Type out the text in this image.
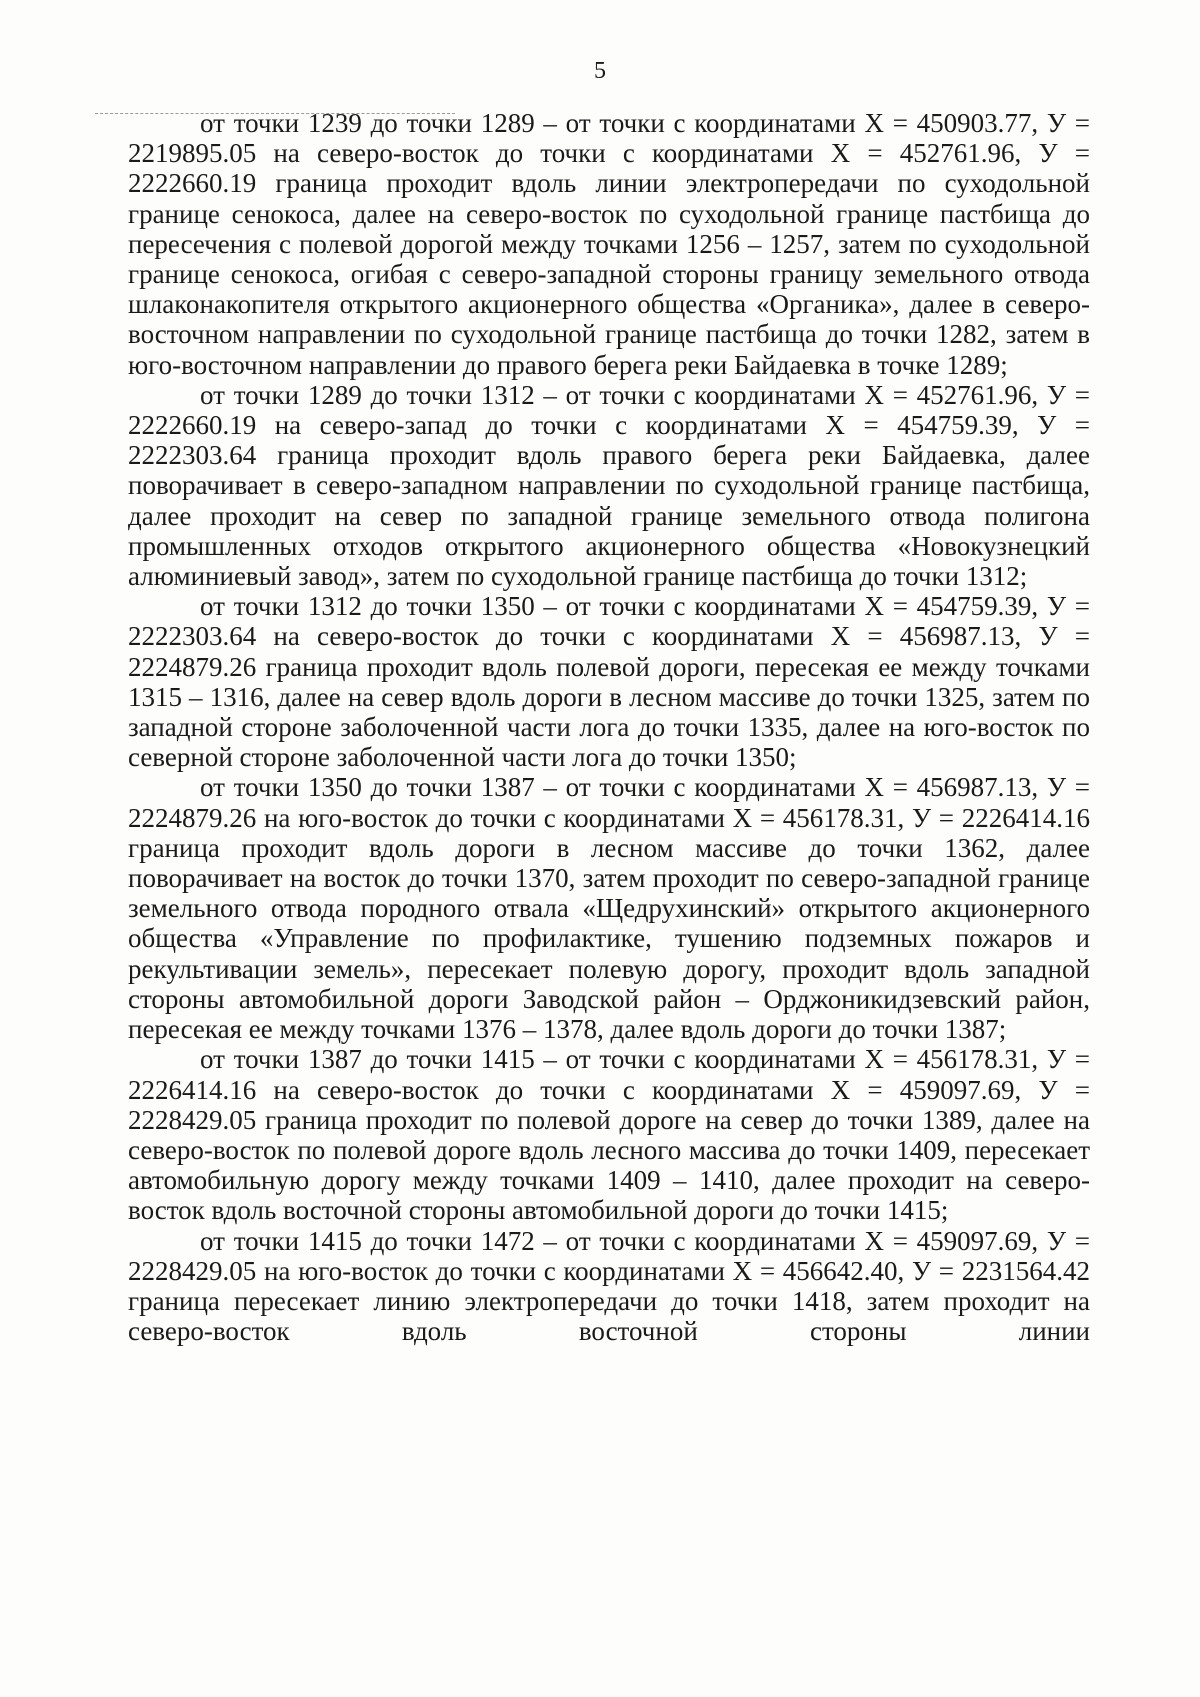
5

от точки 1239 до точки 1289 – от точки с координатами X = 450903.77, У = 2219895.05 на северо-восток до точки с координатами X = 452761.96, У = 2222660.19 граница проходит вдоль линии электропередачи по суходольной границе сенокоса, далее на северо-восток по суходольной границе пастбища до пересечения с полевой дорогой между точками 1256 – 1257, затем по суходольной границе сенокоса, огибая с северо-западной стороны границу земельного отвода шлаконакопителя открытого акционерного общества «Органика», далее в северо-восточном направлении по суходольной границе пастбища до точки 1282, затем в юго-восточном направлении до правого берега реки Байдаевка в точке 1289;

от точки 1289 до точки 1312 – от точки с координатами X = 452761.96, У = 2222660.19 на северо-запад до точки с координатами X = 454759.39, У = 2222303.64 граница проходит вдоль правого берега реки Байдаевка, далее поворачивает в северо-западном направлении по суходольной границе пастбища, далее проходит на север по западной границе земельного отвода полигона промышленных отходов открытого акционерного общества «Новокузнецкий алюминиевый завод», затем по суходольной границе пастбища до точки 1312;

от точки 1312 до точки 1350 – от точки с координатами X = 454759.39, У = 2222303.64 на северо-восток до точки с координатами X = 456987.13, У = 2224879.26 граница проходит вдоль полевой дороги, пересекая ее между точками 1315 – 1316, далее на север вдоль дороги в лесном массиве до точки 1325, затем по западной стороне заболоченной части лога до точки 1335, далее на юго-восток по северной стороне заболоченной части лога до точки 1350;

от точки 1350 до точки 1387 – от точки с координатами X = 456987.13, У = 2224879.26 на юго-восток до точки с координатами X = 456178.31, У = 2226414.16 граница проходит вдоль дороги в лесном массиве до точки 1362, далее поворачивает на восток до точки 1370, затем проходит по северо-западной границе земельного отвода породного отвала «Щедрухинский» открытого акционерного общества «Управление по профилактике, тушению подземных пожаров и рекультивации земель», пересекает полевую дорогу, проходит вдоль западной стороны автомобильной дороги Заводской район – Орджоникидзевский район, пересекая ее между точками 1376 – 1378, далее вдоль дороги до точки 1387;

от точки 1387 до точки 1415 – от точки с координатами X = 456178.31, У = 2226414.16 на северо-восток до точки с координатами X = 459097.69, У = 2228429.05 граница проходит по полевой дороге на север до точки 1389, далее на северо-восток по полевой дороге вдоль лесного массива до точки 1409, пересекает автомобильную дорогу между точками 1409 – 1410, далее проходит на северо-восток вдоль восточной стороны автомобильной дороги до точки 1415;

от точки 1415 до точки 1472 – от точки с координатами X = 459097.69, У = 2228429.05 на юго-восток до точки с координатами X = 456642.40, У = 2231564.42 граница пересекает линию электропередачи до точки 1418, затем проходит на северо-восток вдоль восточной стороны линии
